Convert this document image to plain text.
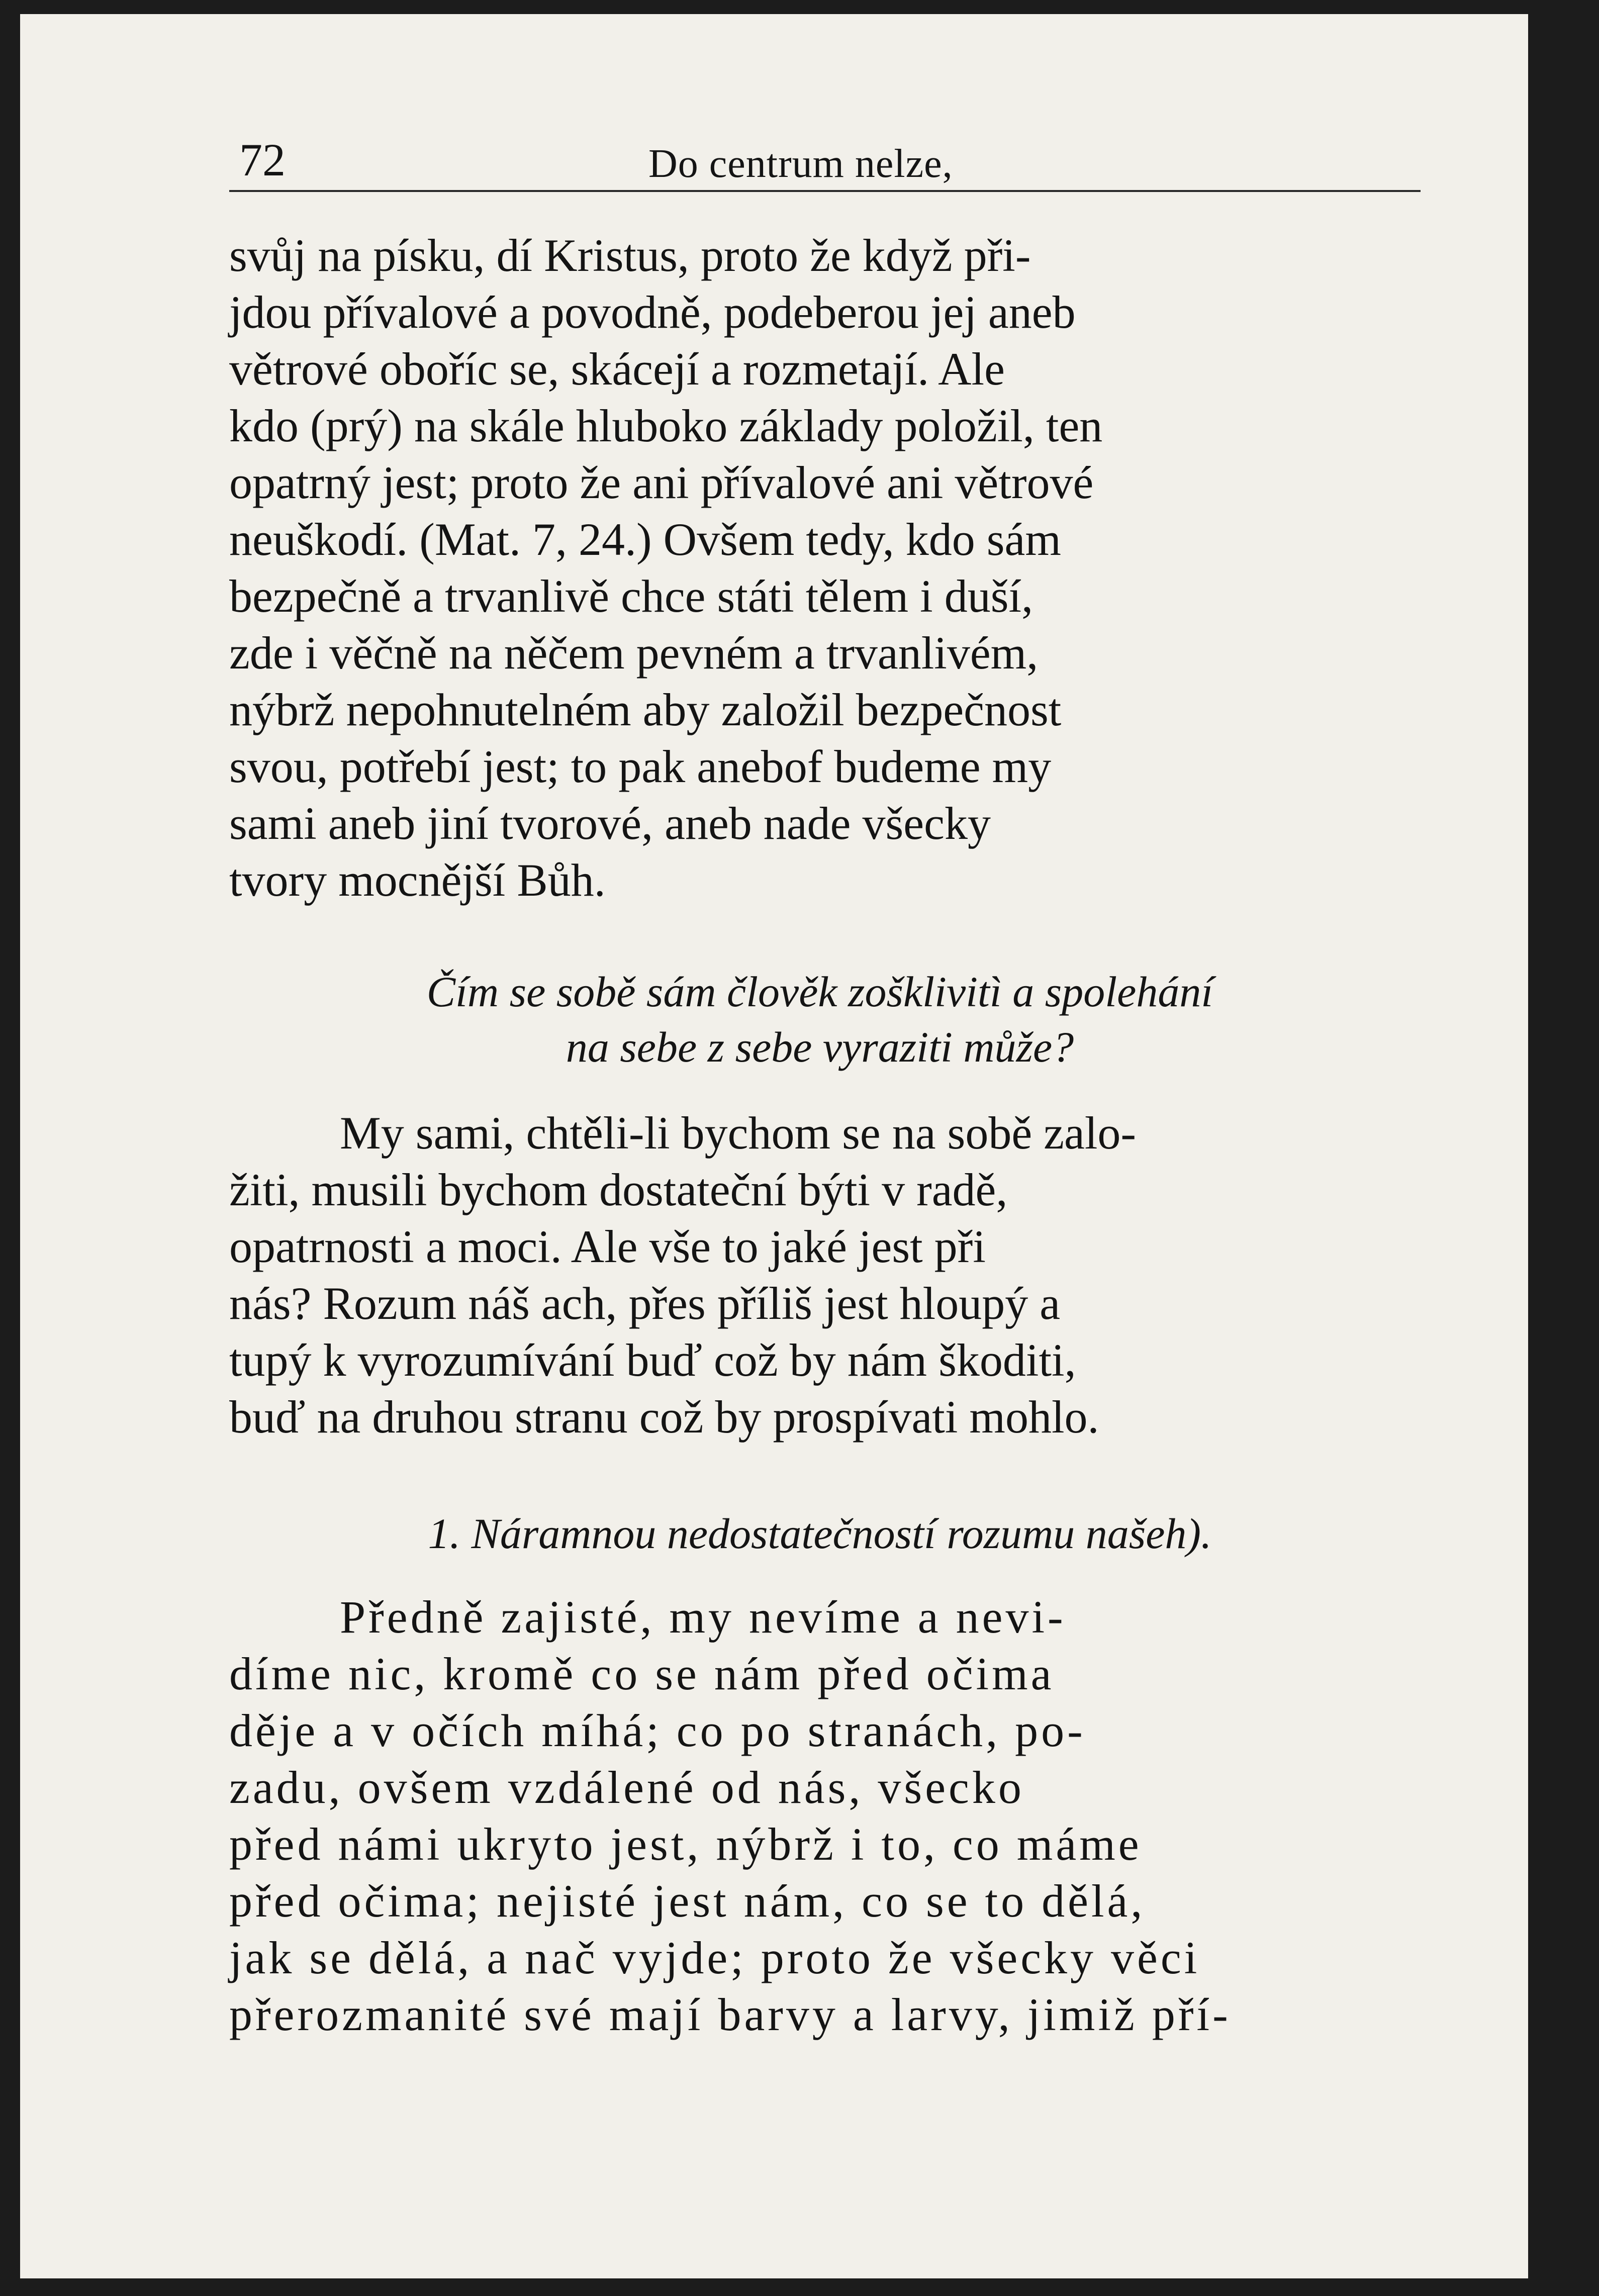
72	Do centrum nelze,

svůj na písku, dí Kristus, proto že když při-
jdou přívalové a povodně, podeberou jej aneb
větrové oboříc se, skácejí a rozmetají. Ale
kdo (prý) na skále hluboko základy položil, ten
opatrný jest; proto že ani přívalové ani větrové
neuškodí. (Mat. 7, 24.) Ovšem tedy, kdo sám
bezpečně a trvanlivě chce státi tělem i duší,
zde i věčně na něčem pevném a trvanlivém,
nýbrž nepohnutelném aby založil bezpečnost
svou, potřebí jest; to pak anebof budeme my
sami aneb jiní tvorové, aneb nade všecky
tvory mocnější Bůh.

Čím se sobě sám člověk zošklivitì a spolehání
na sebe z sebe vyraziti může?

My sami, chtěli-li bychom se na sobě zalo-
žiti, musili bychom dostateční býti v radě,
opatrnosti a moci. Ale vše to jaké jest při
nás? Rozum náš ach, přes příliš jest hloupý a
tupý k vyrozumívání buď což by nám škoditi,
buď na druhou stranu což by prospívati mohlo.

1. Náramnou nedostatečností rozumu našeh).

Předně zajisté, my nevíme a nevi-
díme nic, kromě co se nám před očima
děje a v očích míhá; co po stranách, po-
zadu, ovšem vzdálené od nás, všecko
před námi ukryto jest, nýbrž i to, co máme
před očima; nejisté jest nám, co se to dělá,
jak se dělá, a nač vyjde; proto že všecky věci
přerozmanité své mají barvy a larvy, jimiž pří-
